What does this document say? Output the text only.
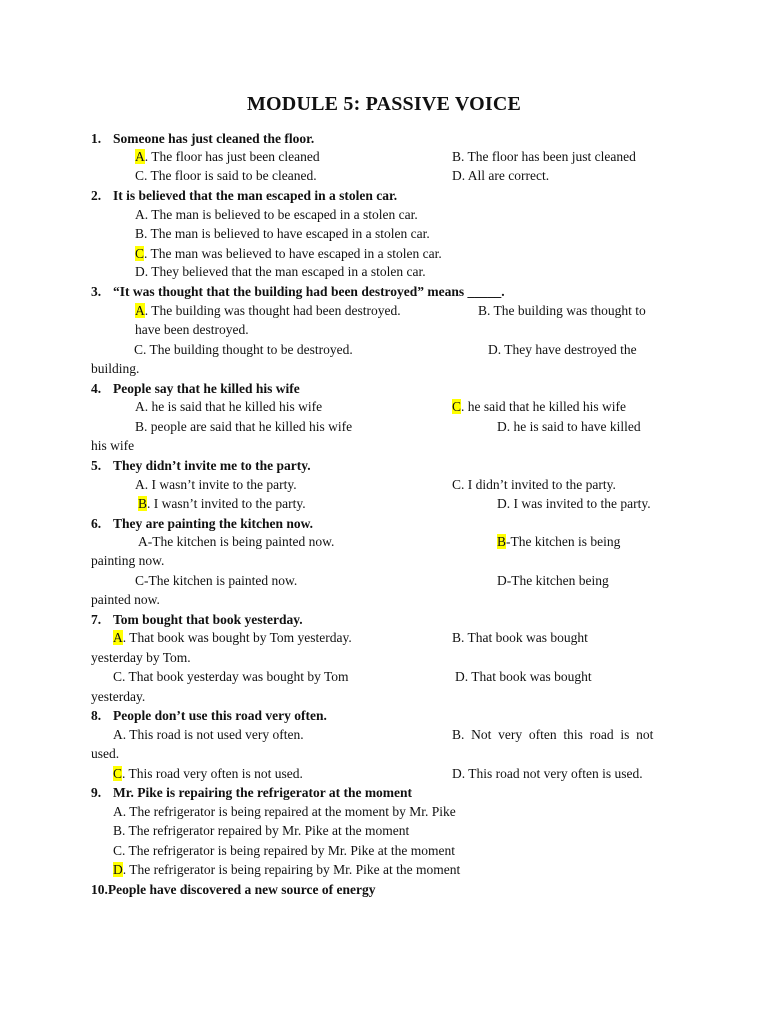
MODULE 5: PASSIVE VOICE
1. Someone has just cleaned the floor.
A. The floor has just been cleaned	B. The floor has been just cleaned
C. The floor is said to be cleaned.	D. All are correct.
2. It is believed that the man escaped in a stolen car.
A. The man is believed to be escaped in a stolen car.
B. The man is believed to have escaped in a stolen car.
C. The man was believed to have escaped in a stolen car.
D. They believed that the man escaped in a stolen car.
3. “It was thought that the building had been destroyed” means _____.
A. The building was thought had been destroyed.	B. The building was thought to
have been destroyed.
C. The building thought to be destroyed.	D. They have destroyed the
building.
4. People say that he killed his wife
A. he is said that he killed his wife	C. he said that he killed his wife
B. people are said that he killed his wife	D. he is said to have killed
his wife
5. They didn’t invite me to the party.
A. I wasn’t invite to the party.	C. I didn’t invited to the party.
B. I wasn’t invited to the party.	D. I was invited to the party.
6. They are painting the kitchen now.
A-The kitchen is being painted now.	B-The kitchen is being
painting now.
C-The kitchen is painted now.	D-The kitchen being
painted now.
7. Tom bought that book yesterday.
A. That book was bought by Tom yesterday.	B. That book was bought
yesterday by Tom.
C. That book yesterday was bought by Tom	D. That book was bought
yesterday.
8. People don’t use this road very often.
A. This road is not used very often.	B.  Not  very  often  this  road  is  not
used.
C. This road very often is not used.	D. This road not very often is used.
9. Mr. Pike is repairing the refrigerator at the moment
A. The refrigerator is being repaired at the moment by Mr. Pike
B. The refrigerator repaired by Mr. Pike at the moment
C. The refrigerator is being repaired by Mr. Pike at the moment
D. The refrigerator is being repairing by Mr. Pike at the moment
10.People have discovered a new source of energy
